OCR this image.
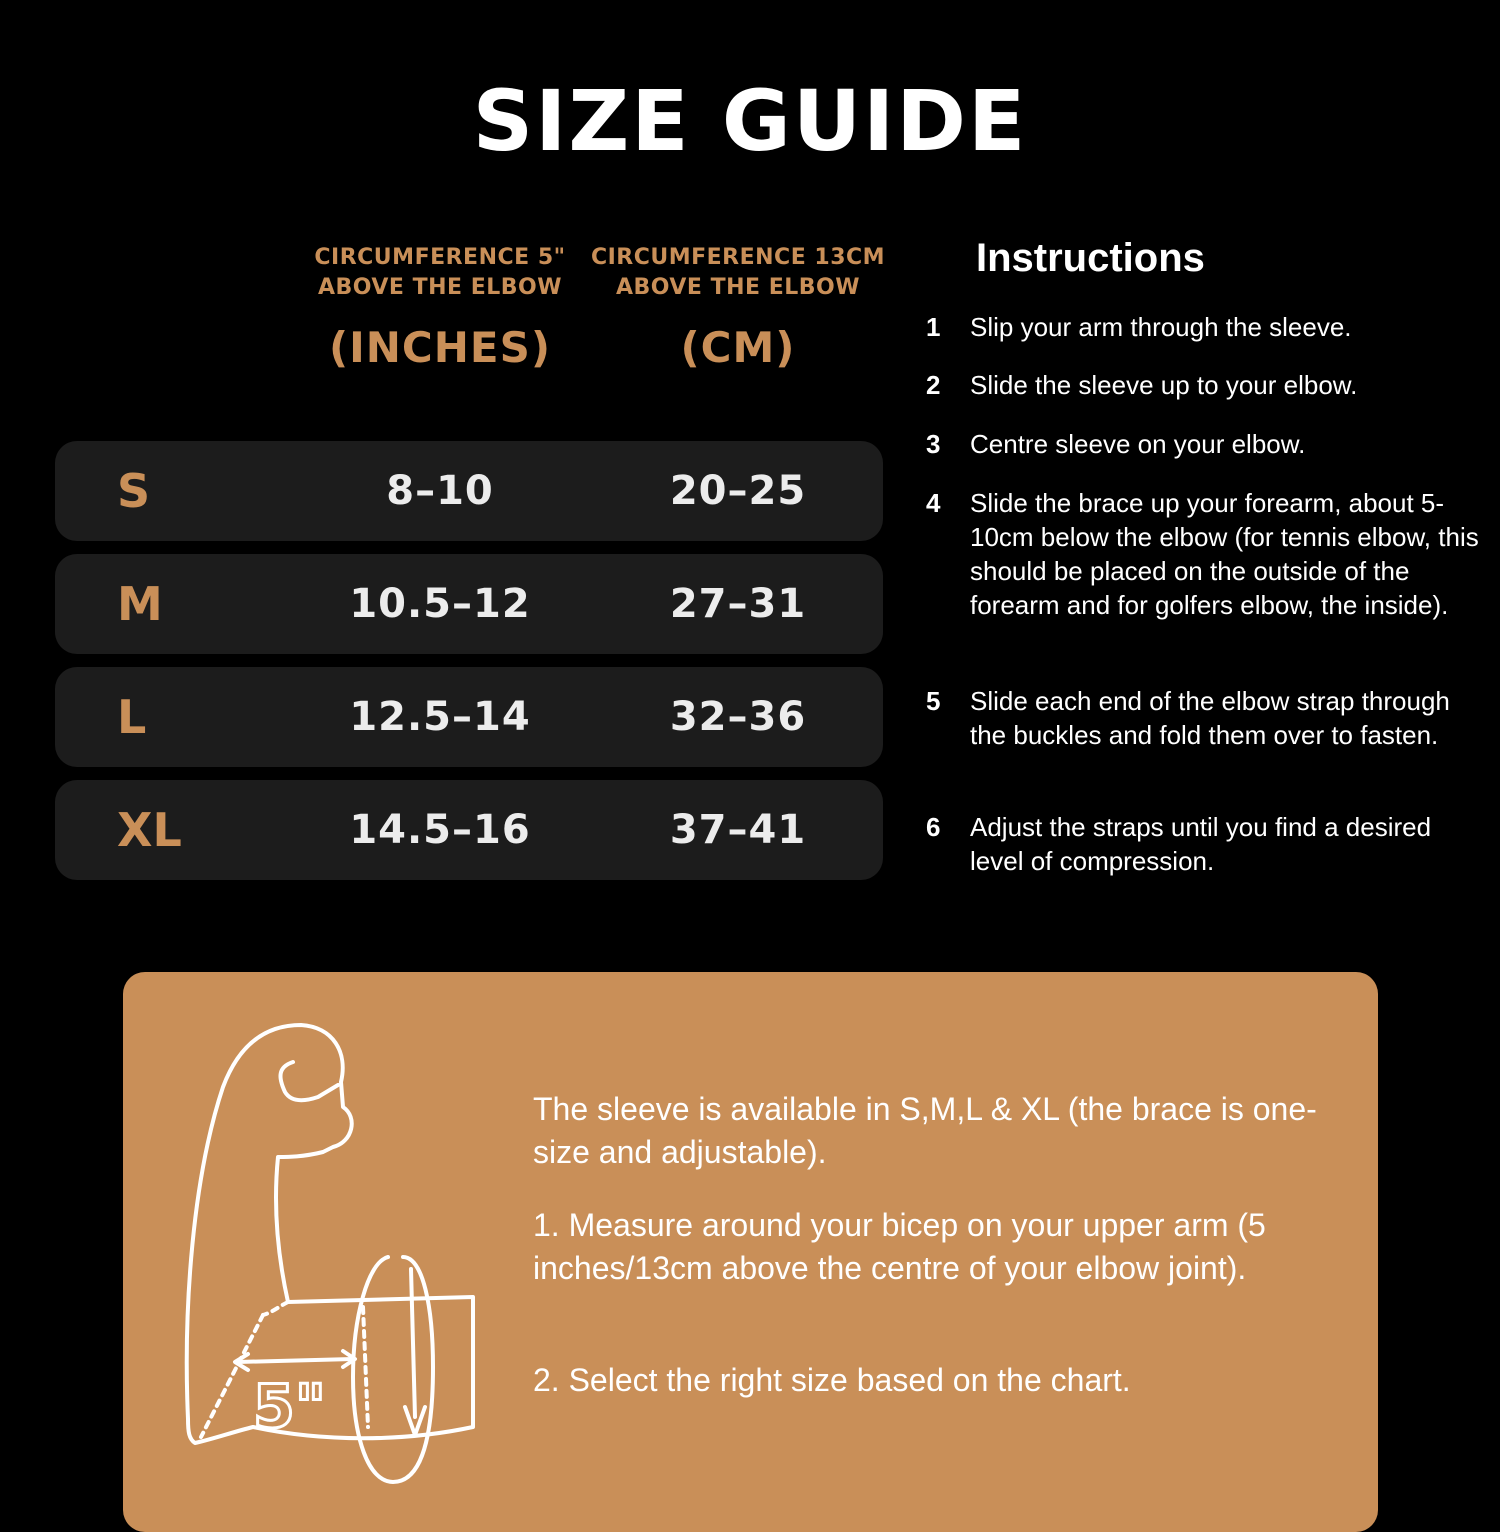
SIZE GUIDE
CIRCUMFERENCE 5" ABOVE THE ELBOW
(INCHES)
CIRCUMFERENCE 13CM ABOVE THE ELBOW
(CM)
S	8–10	20–25
M	10.5–12	27–31
L	12.5–14	32–36
XL	14.5–16	37–41
Instructions
1	Slip your arm through the sleeve.
2	Slide the sleeve up to your elbow.
3	Centre sleeve on your elbow.
4	Slide the brace up your forearm, about 5-10cm below the elbow (for tennis elbow, this should be placed on the outside of the forearm and for golfers elbow, the inside).
5	Slide each end of the elbow strap through the buckles and fold them over to fasten.
6	Adjust the straps until you find a desired level of compression.
5"
The sleeve is available in S,M,L & XL (the brace is one-size and adjustable).
1. Measure around your bicep on your upper arm (5 inches/13cm above the centre of your elbow joint).
2. Select the right size based on the chart.
